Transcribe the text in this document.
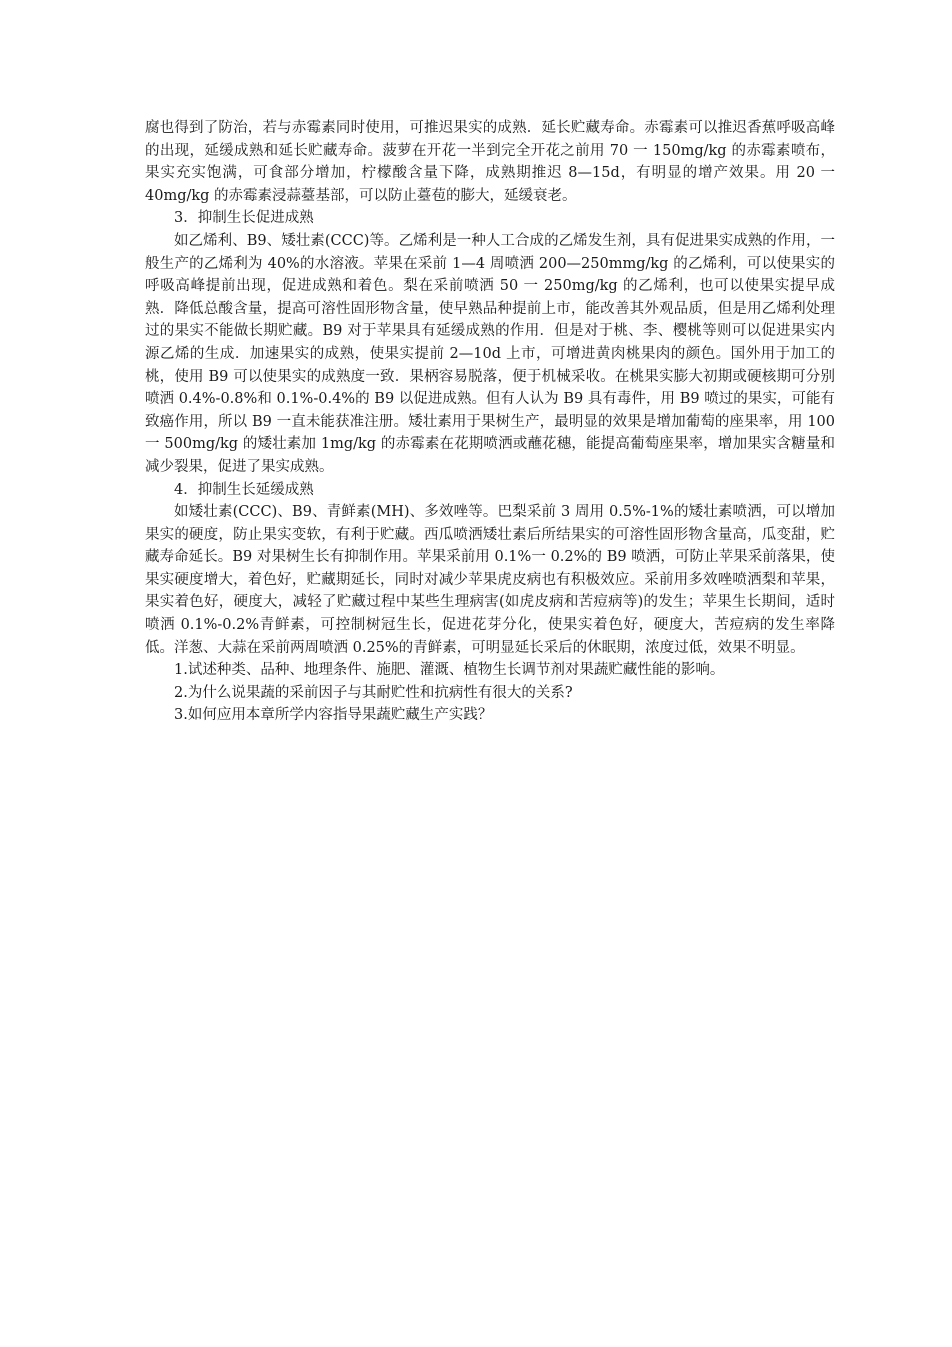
腐也得到了防治，若与赤霉素同时使用，可推迟果实的成熟．延长贮藏寿命。赤霉素可以推迟香蕉呼吸高峰的出现，延缓成熟和延长贮藏寿命。菠萝在开花一半到完全开花之前用 70 一 150mg/kg 的赤霉素喷布，果实充实饱满，可食部分增加，柠檬酸含量下降，成熟期推迟 8—15d，有明显的增产效果。用 20 一 40mg/kg 的赤霉素浸蒜薹基部，可以防止薹苞的膨大，延缓衰老。

3．抑制生长促进成熟

如乙烯利、B9、矮壮素(CCC)等。乙烯利是一种人工合成的乙烯发生剂，具有促进果实成熟的作用，一般生产的乙烯利为 40%的水溶液。苹果在采前 1—4 周喷洒 200—250mmg/kg 的乙烯利，可以使果实的呼吸高峰提前出现，促进成熟和着色。梨在采前喷洒 50 一 250mg/kg 的乙烯利，也可以使果实提早成熟．降低总酸含量，提高可溶性固形物含量，使早熟品种提前上市，能改善其外观品质，但是用乙烯利处理过的果实不能做长期贮藏。B9 对于苹果具有延缓成熟的作用．但是对于桃、李、樱桃等则可以促进果实内源乙烯的生成．加速果实的成熟，使果实提前 2—10d 上市，可增进黄肉桃果肉的颜色。国外用于加工的桃，使用 B9 可以使果实的成熟度一致．果柄容易脱落，便于机械采收。在桃果实膨大初期或硬核期可分别喷洒 0.4%-0.8%和 0.1%-0.4%的 B9 以促进成熟。但有人认为 B9 具有毒件，用 B9 喷过的果实，可能有致癌作用，所以 B9 一直未能获准注册。矮壮素用于果树生产，最明显的效果是增加葡萄的座果率，用 100 一 500mg/kg 的矮壮素加 1mg/kg 的赤霉素在花期喷洒或蘸花穗，能提高葡萄座果率，增加果实含糖量和减少裂果，促进了果实成熟。

4．抑制生长延缓成熟

如矮壮素(CCC)、B9、青鲜素(MH)、多效唑等。巴梨采前 3 周用 0.5%-1%的矮壮素喷洒，可以增加果实的硬度，防止果实变软，有利于贮藏。西瓜喷洒矮壮素后所结果实的可溶性固形物含量高，瓜变甜，贮藏寿命延长。B9 对果树生长有抑制作用。苹果采前用 0.1%一 0.2%的 B9 喷洒，可防止苹果采前落果，使果实硬度增大，着色好，贮藏期延长，同时对减少苹果虎皮病也有积极效应。采前用多效唑喷洒梨和苹果，果实着色好，硬度大，减轻了贮藏过程中某些生理病害(如虎皮病和苦痘病等)的发生；苹果生长期间，适时喷洒 0.1%-0.2%青鲜素，可控制树冠生长，促进花芽分化，使果实着色好，硬度大，苦痘病的发生率降低。洋葱、大蒜在采前两周喷洒 0.25%的青鲜素，可明显延长采后的休眠期，浓度过低，效果不明显。

1.试述种类、品种、地理条件、施肥、灌溉、植物生长调节剂对果蔬贮藏性能的影响。

2.为什么说果蔬的采前因子与其耐贮性和抗病性有很大的关系?

3.如何应用本章所学内容指导果蔬贮藏生产实践？
